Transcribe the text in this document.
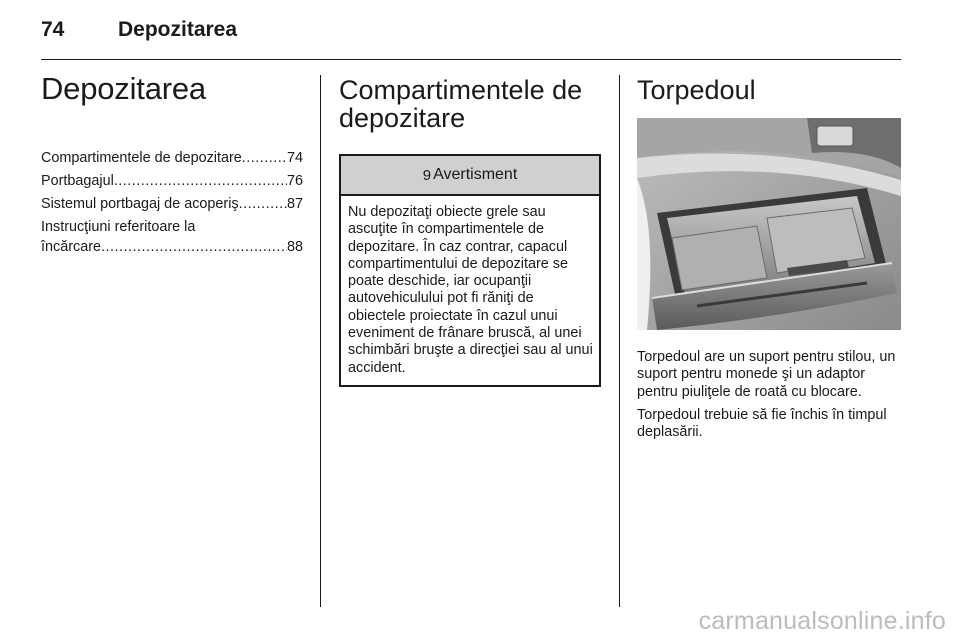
74	Depozitarea
Depozitarea
Compartimentele de depozitare .....	74
Portbagajul .....	76
Sistemul portbagaj de acoperiş .....	87
Instrucţiuni referitoare la
încărcare .....	88
Compartimentele de
depozitare
9 Avertisment
Nu depozitaţi obiecte grele sau ascuţite în compartimentele de depozitare. În caz contrar, capacul compartimentului de depozitare se poate deschide, iar ocupanţii autovehiculului pot fi răniţi de obiectele proiectate în cazul unui eveniment de frânare bruscă, al unei schimbări bruşte a direcţiei sau al unui accident.
Torpedoul

Torpedoul are un suport pentru stilou, un suport pentru monede şi un adaptor pentru piuliţele de roată cu blocare.

Torpedoul trebuie să fie închis în timpul deplasării.

carmanualsonline.info
